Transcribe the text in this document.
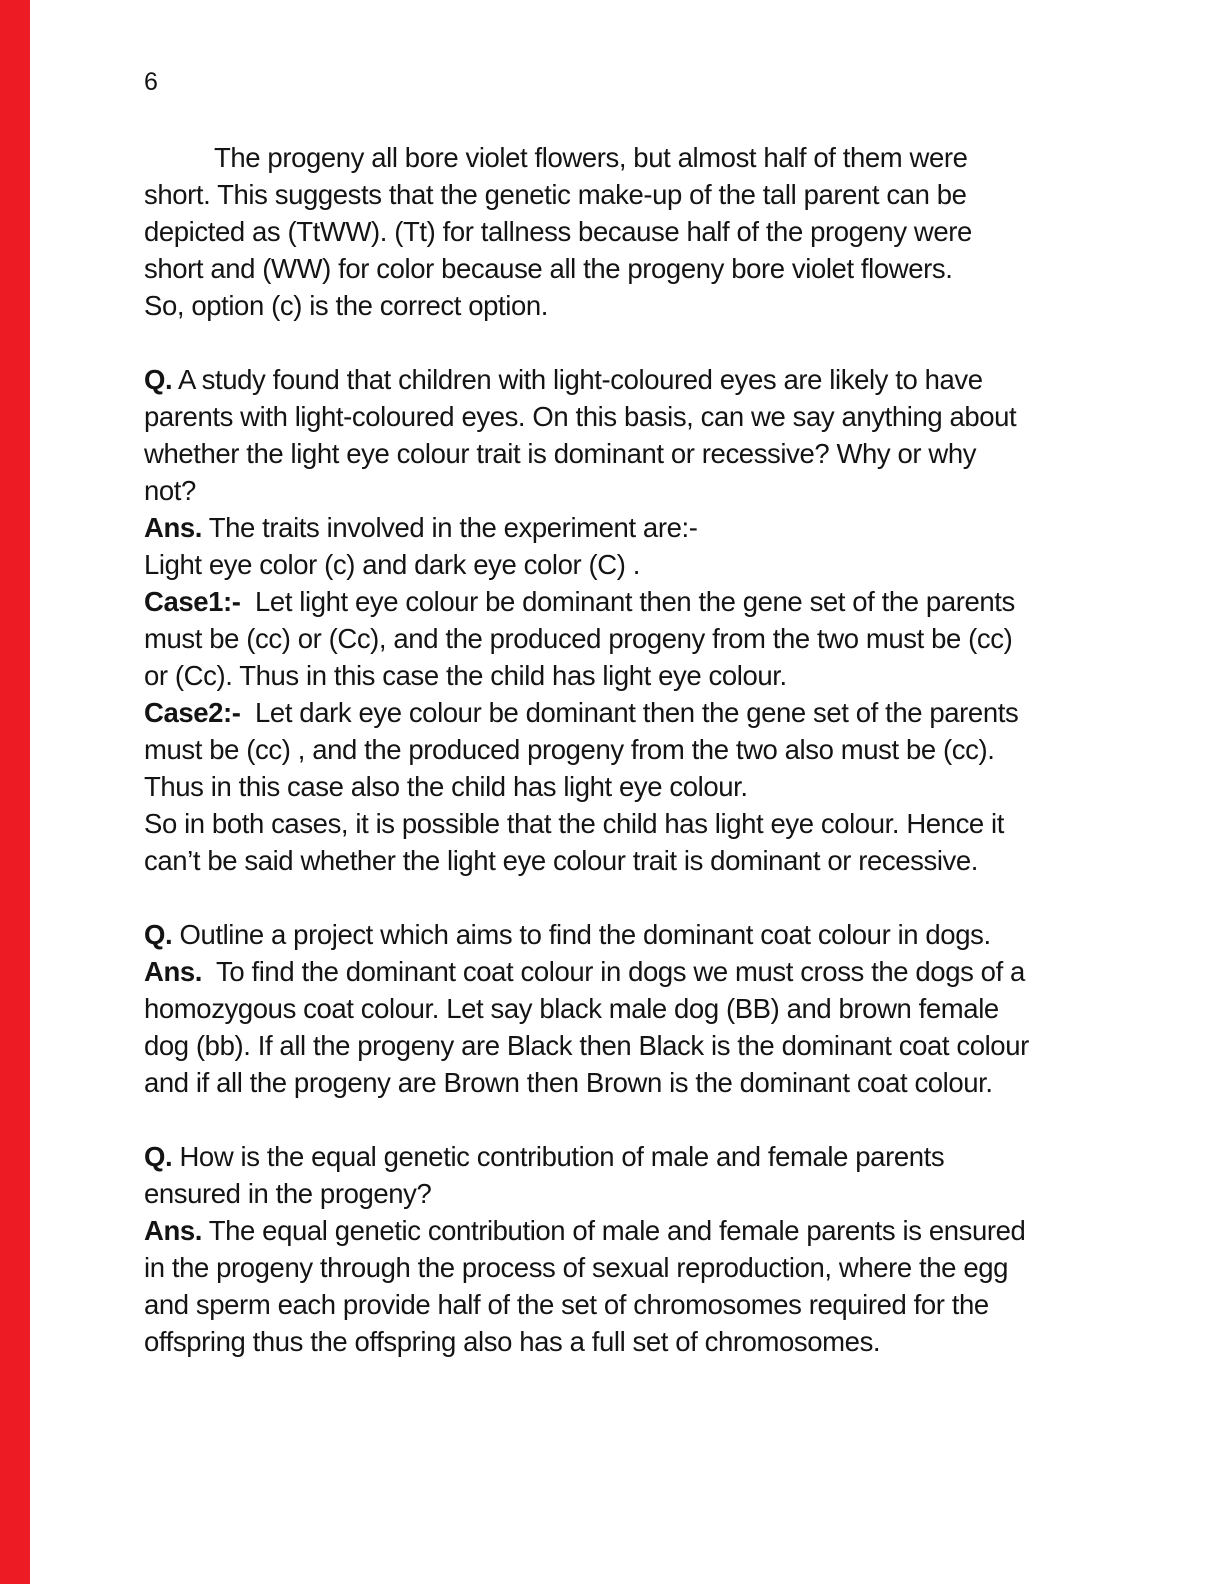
6
The progeny all bore violet flowers, but almost half of them were
short. This suggests that the genetic make-up of the tall parent can be
depicted as (TtWW). (Tt) for tallness because half of the progeny were
short and (WW) for color because all the progeny bore violet flowers.
So, option (c) is the correct option.
Q. A study found that children with light-coloured eyes are likely to have
parents with light-coloured eyes. On this basis, can we say anything about
whether the light eye colour trait is dominant or recessive? Why or why
not?
Ans. The traits involved in the experiment are:-
Light eye color (c) and dark eye color (C) .
Case1:-  Let light eye colour be dominant then the gene set of the parents
must be (cc) or (Cc), and the produced progeny from the two must be (cc)
or (Cc). Thus in this case the child has light eye colour.
Case2:-  Let dark eye colour be dominant then the gene set of the parents
must be (cc) , and the produced progeny from the two also must be (cc).
Thus in this case also the child has light eye colour.
So in both cases, it is possible that the child has light eye colour. Hence it
can’t be said whether the light eye colour trait is dominant or recessive.
Q. Outline a project which aims to find the dominant coat colour in dogs.
Ans.  To find the dominant coat colour in dogs we must cross the dogs of a
homozygous coat colour. Let say black male dog (BB) and brown female
dog (bb). If all the progeny are Black then Black is the dominant coat colour
and if all the progeny are Brown then Brown is the dominant coat colour.
Q. How is the equal genetic contribution of male and female parents
ensured in the progeny?
Ans. The equal genetic contribution of male and female parents is ensured
in the progeny through the process of sexual reproduction, where the egg
and sperm each provide half of the set of chromosomes required for the
offspring thus the offspring also has a full set of chromosomes.
